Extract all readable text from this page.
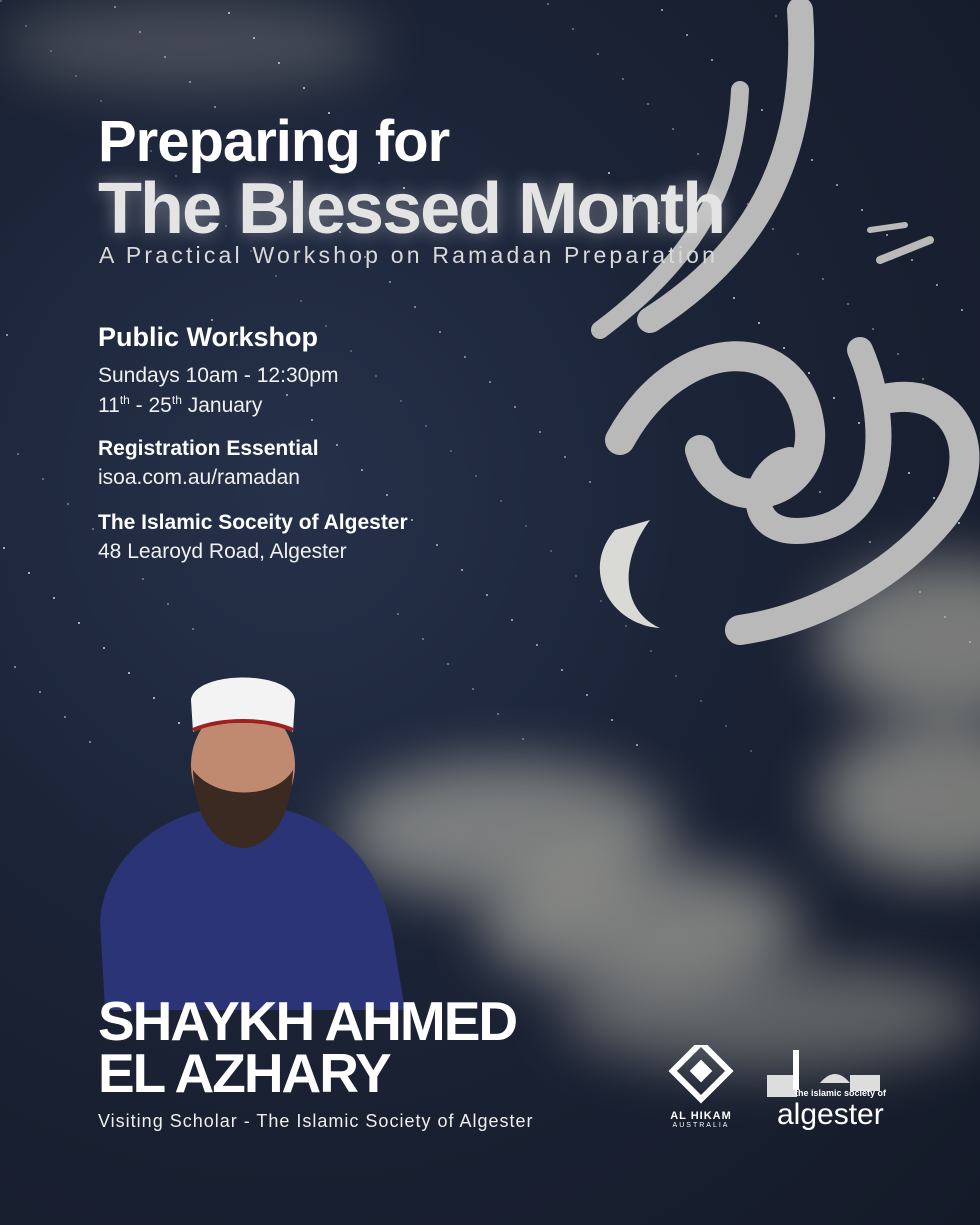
Preparing for
The Blessed Month
A Practical Workshop on Ramadan Preparation
Public Workshop
Sundays 10am - 12:30pm
11th - 25th January
Registration Essential
isoa.com.au/ramadan
The Islamic Soceity of Algester
48 Learoyd Road, Algester
SHAYKH AHMED
EL AZHARY
Visiting Scholar - The Islamic Society of Algester	AL HIKAM
AUSTRALIA
the islamic society of
algester
